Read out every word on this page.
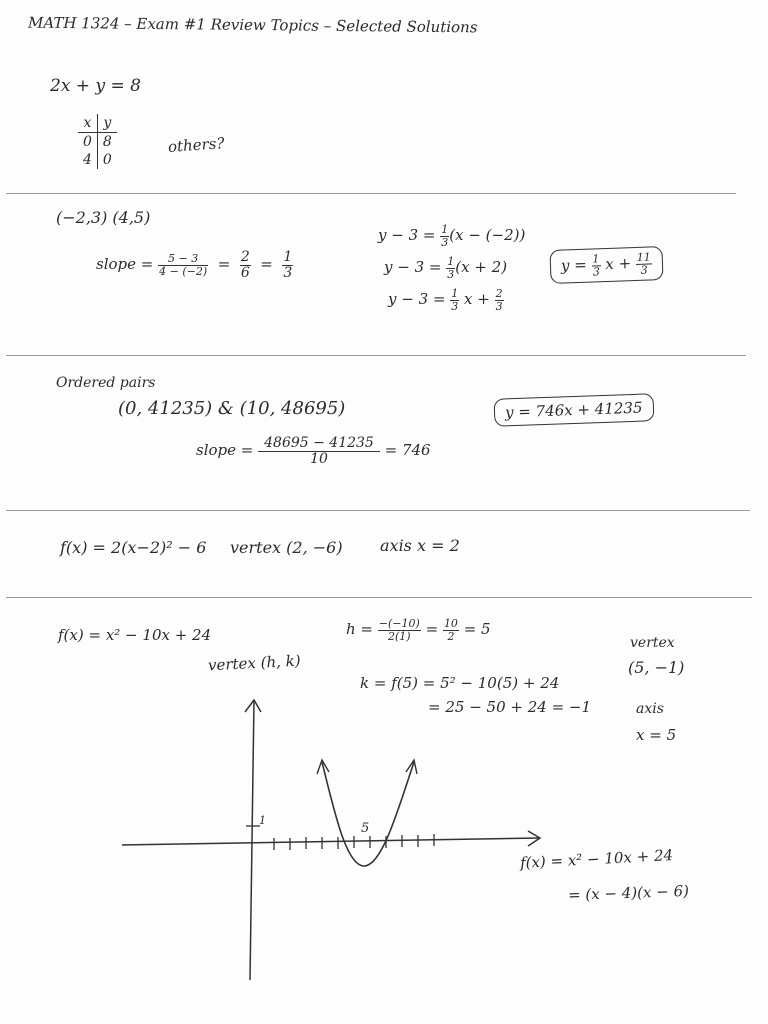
MATH 1324 – Exam #1 Review Topics – Selected Solutions
2x + y = 8
x	y
0	8
4	0
others?
(−2,3) (4,5)
slope = $\frac{5 - 3}{4 - (-2)} = \frac{2}{6} = \frac{1}{3}$
$y - 3 = \frac{1}{3} (x - (-2))$
$y - 3 = \frac{1}{3} (x + 2)$
$y - 3 = \frac{1}{3}$ $x + \frac{2}{3}$
$y = \frac{1}{3}$ $x + \frac{11}{3}$
Ordered pairs
(0, 41235) & (10, 48695)	y = 746x + 41235
slope = $\frac{48695 - 41235}{10} = 746$
f(x) = 2(x−2)² − 6 vertex (2, −6) axis x = 2
f(x) = x² − 10x + 24
vertex (h, k)
$h = \frac{-(-10)}{2(1)} = \frac{10}{2} = 5$
k = f(5) = 5² − 10(5) + 24
= 25 − 50 + 24 = −1
vertex
(5, −1)
axis
x = 5
1
5
f(x) = x² − 10x + 24
= (x − 4)(x − 6)
